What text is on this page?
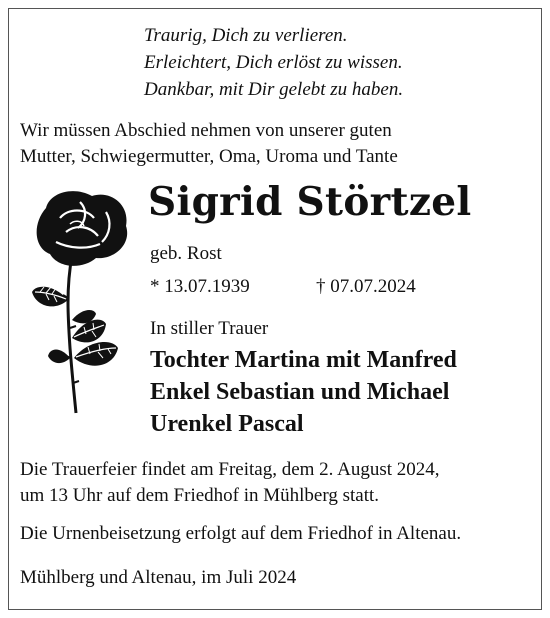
Traurig, Dich zu verlieren.
Erleichtert, Dich erlöst zu wissen.
Dankbar, mit Dir gelebt zu haben.
Wir müssen Abschied nehmen von unserer guten
Mutter, Schwiegermutter, Oma, Uroma und Tante
Sigrid Störtzel
geb. Rost
* 13.07.1939	† 07.07.2024
In stiller Trauer
Tochter Martina mit Manfred
Enkel Sebastian und Michael
Urenkel Pascal
Die Trauerfeier findet am Freitag, dem 2. August 2024,
um 13 Uhr auf dem Friedhof in Mühlberg statt.
Die Urnenbeisetzung erfolgt auf dem Friedhof in Altenau.
Mühlberg und Altenau, im Juli 2024
